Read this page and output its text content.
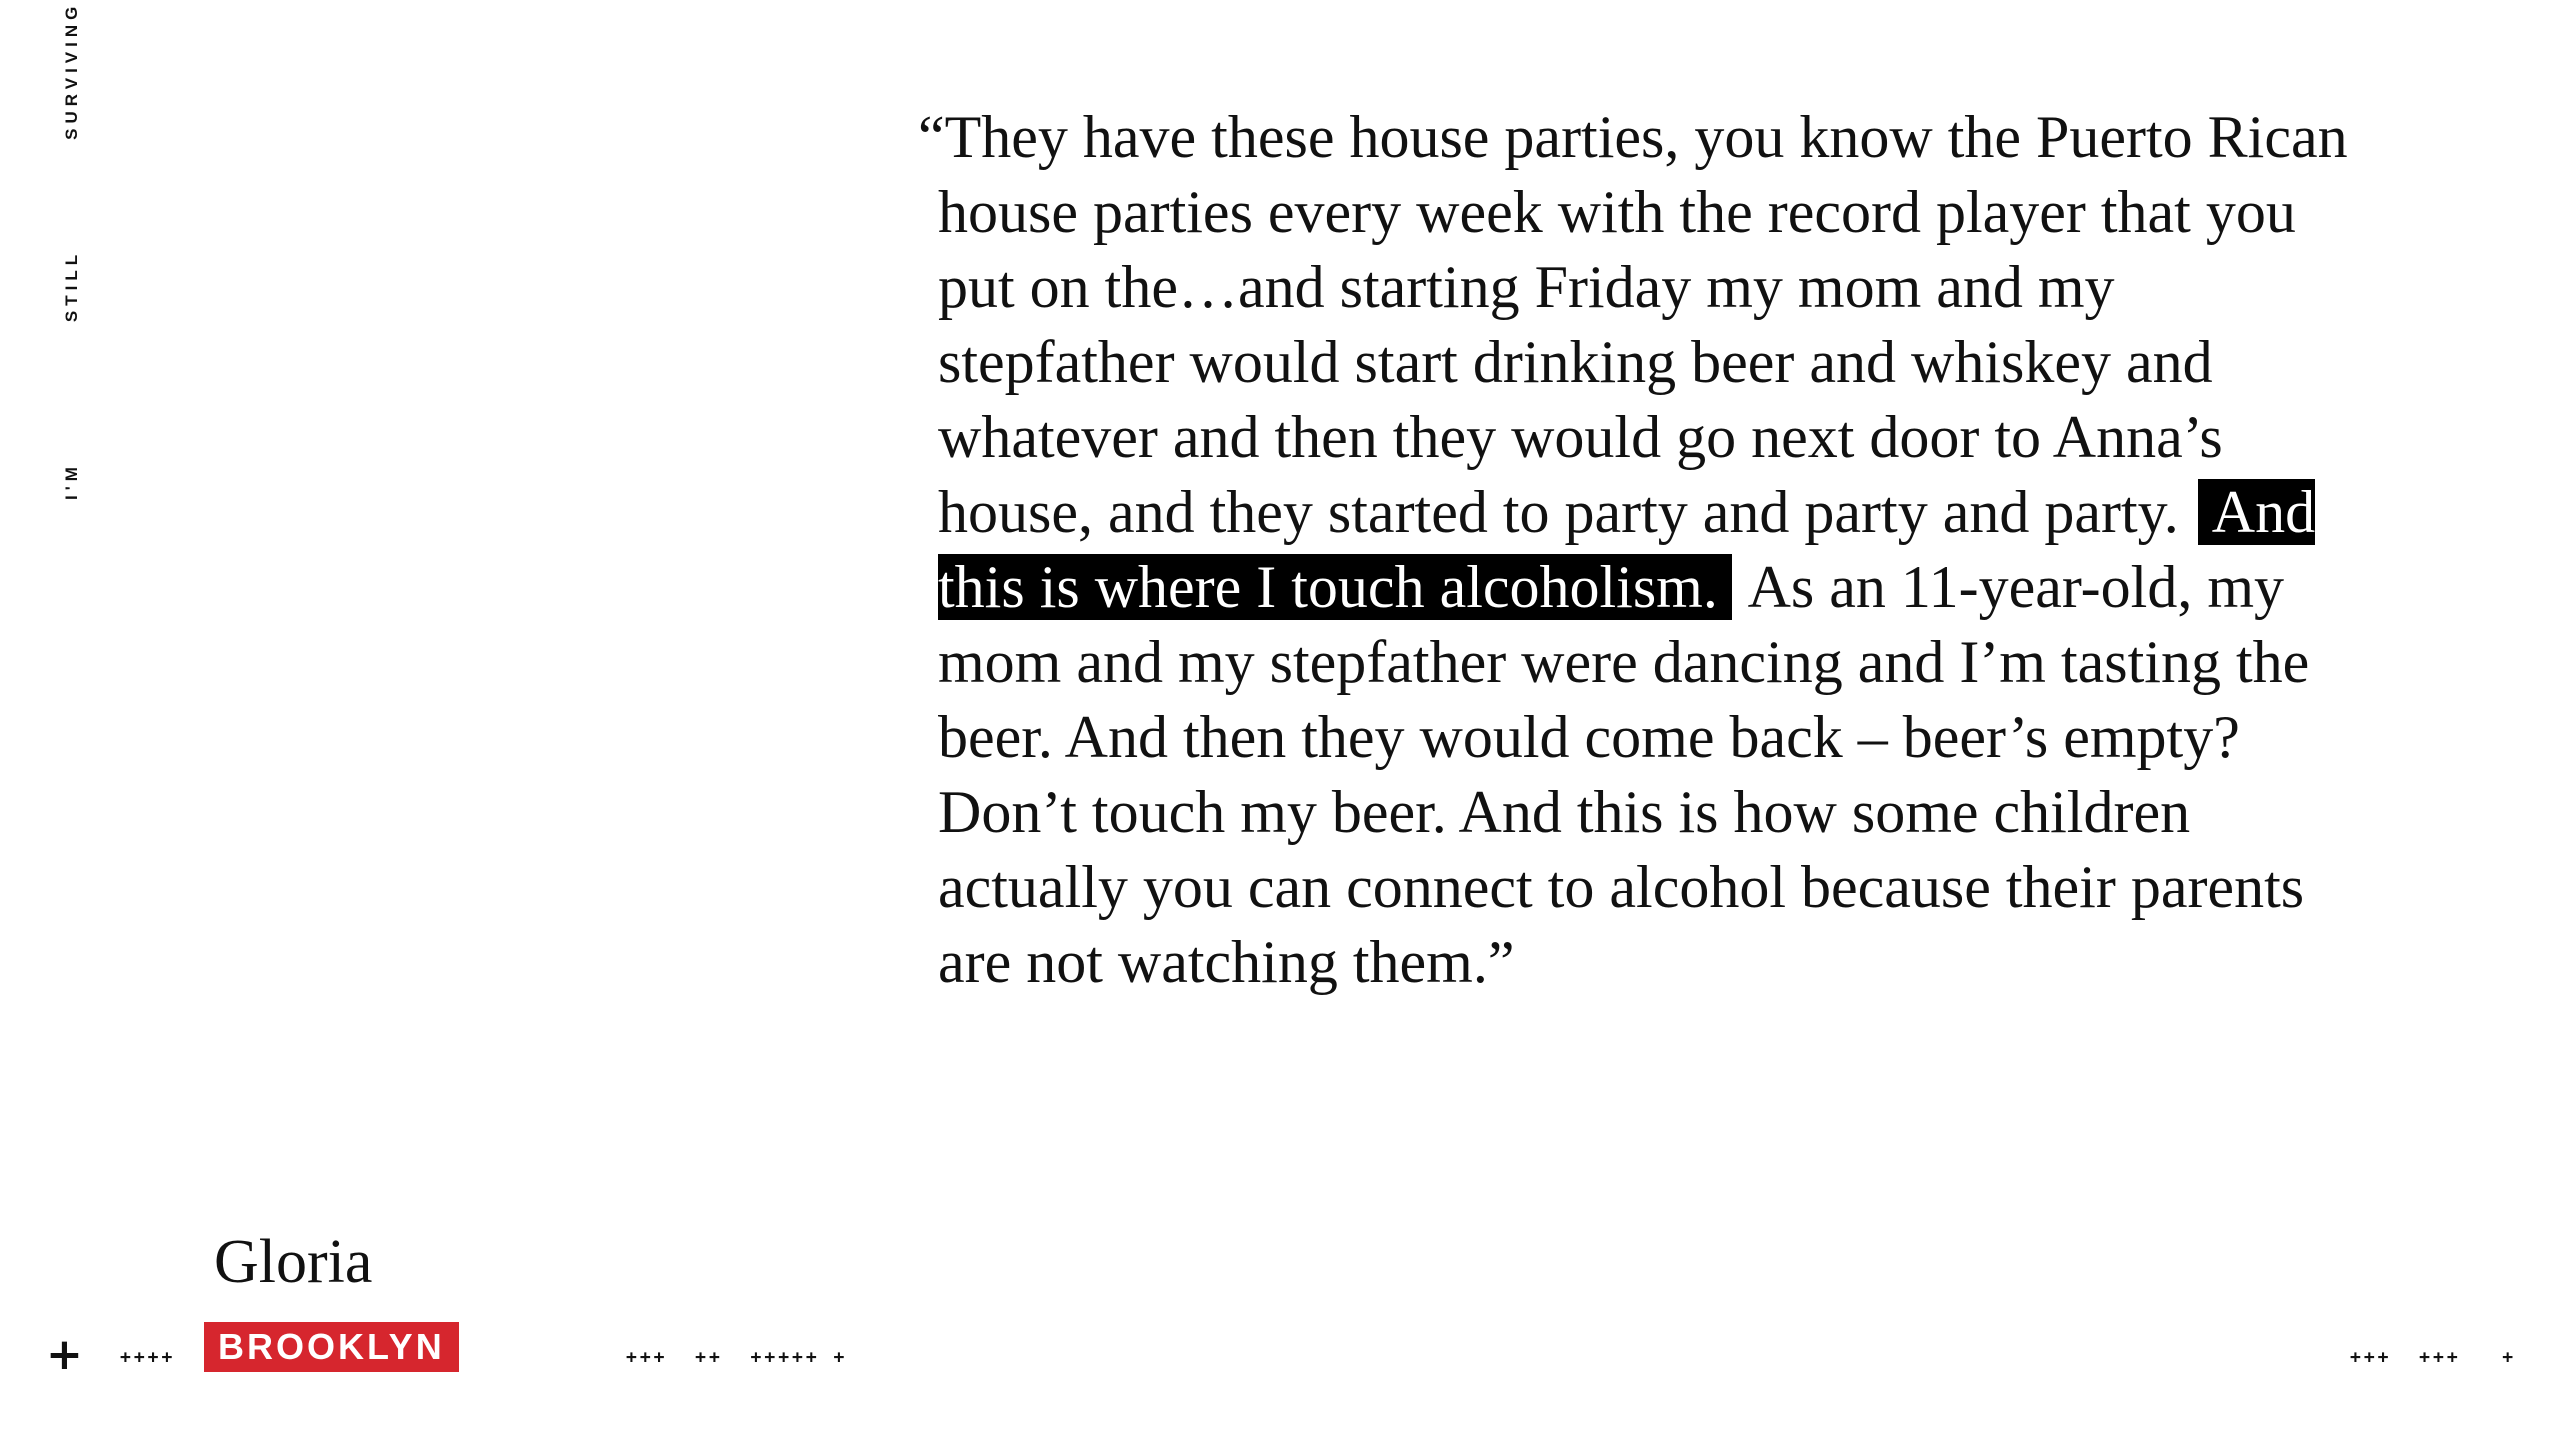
I'MSTILLSURVIVING	“They have these house parties, you know the Puerto Rican house parties every week with the record player that you put on the…and starting Friday my mom and my stepfather would start drinking beer and whiskey and whatever and then they would go next door to Anna’s house, and they started to party and party and party. And this is where I touch alcoholism. As an 11-year-old, my mom and my stepfather were dancing and I’m tasting the beer. And then they would come back – beer’s empty? Don’t touch my beer. And this is how some children actually you can connect to alcohol because their parents are not watching them.”
Gloria
BROOKLYN
+ ++++	+++  ++  +++++ +	+++  +++   +
